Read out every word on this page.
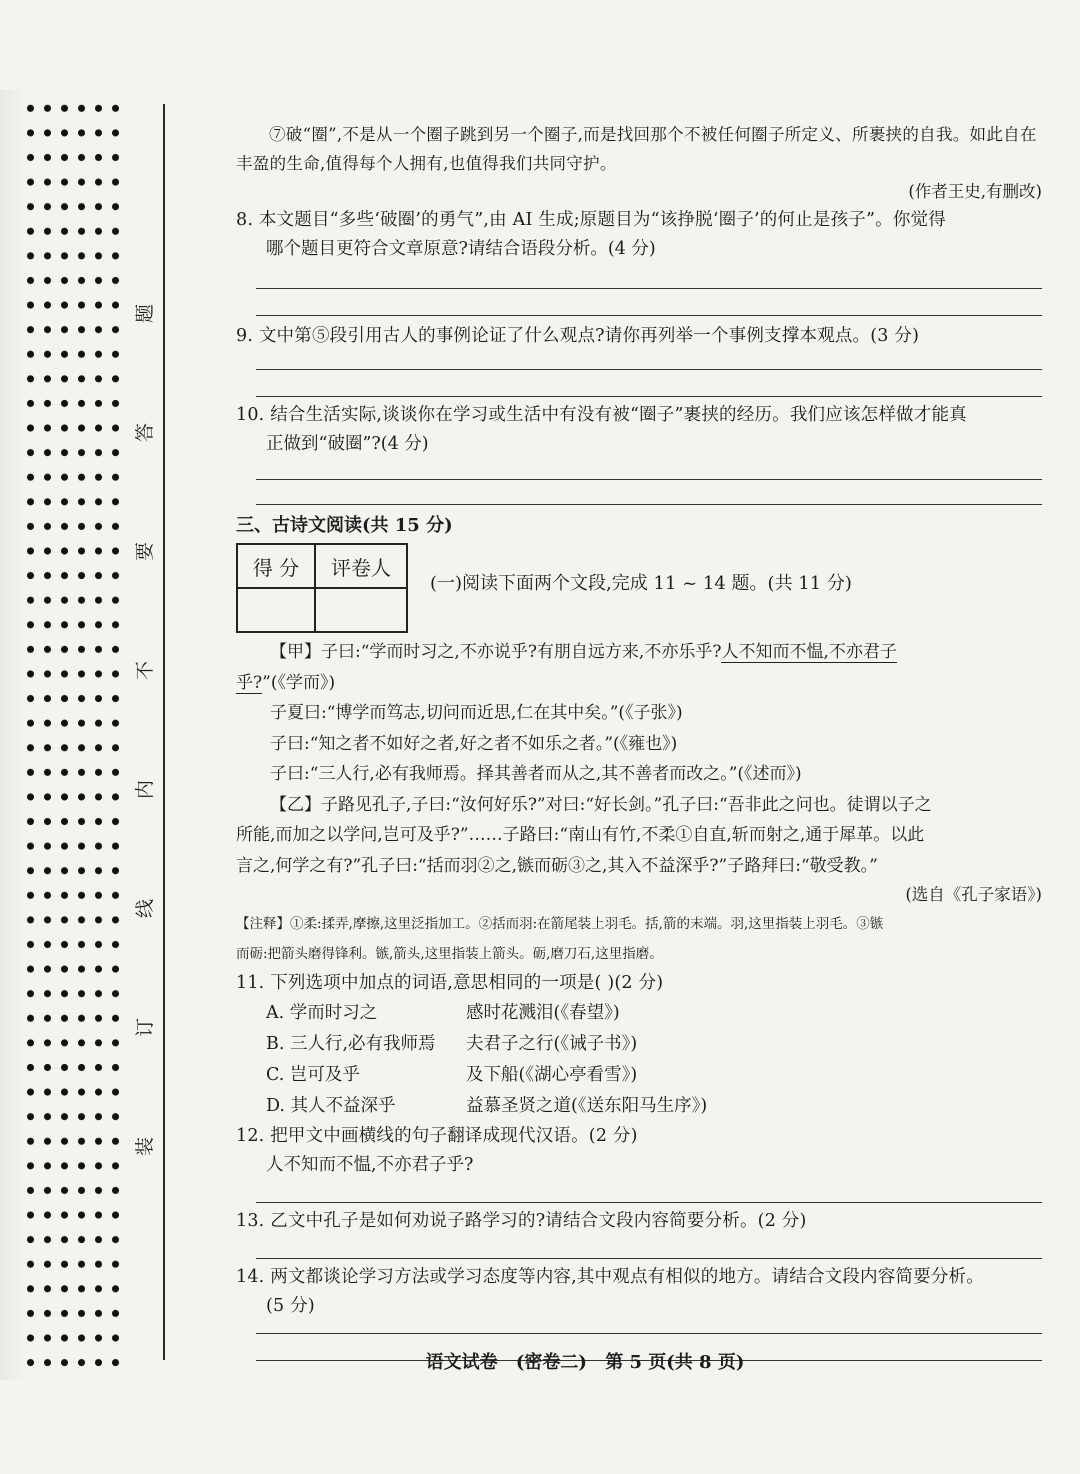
题
答
要
不
内
线
订
装

⑦破“圈”,不是从一个圈子跳到另一个圈子,而是找回那个不被任何圈子所定义、所裹挟的自我。如此自在丰盈的生命,值得每个人拥有,也值得我们共同守护。

(作者王史,有删改)

8. 本文题目“多些‘破圈’的勇气”,由 AI 生成;原题目为“该挣脱‘圈子’的何止是孩子”。你觉得

哪个题目更符合文章原意?请结合语段分析。(4 分)

9. 文中第⑤段引用古人的事例论证了什么观点?请你再列举一个事例支撑本观点。(3 分)

10. 结合生活实际,谈谈你在学习或生活中有没有被“圈子”裹挟的经历。我们应该怎样做才能真

正做到“破圈”?(4 分)

三、古诗文阅读(共 15 分)

得 分	评卷人

(一)阅读下面两个文段,完成 11 ~ 14 题。(共 11 分)

【甲】子曰:“学而时习之,不亦说乎?有朋自远方来,不亦乐乎?人不知而不愠,不亦君子

乎?”(《学而》)

子夏曰:“博学而笃志,切问而近思,仁在其中矣。”(《子张》)

子曰:“知之者不如好之者,好之者不如乐之者。”(《雍也》)

子曰:“三人行,必有我师焉。择其善者而从之,其不善者而改之。”(《述而》)

【乙】子路见孔子,子曰:“汝何好乐?”对曰:“好长剑。”孔子曰:“吾非此之问也。徒谓以子之

所能,而加之以学问,岂可及乎?”……子路曰:“南山有竹,不柔①自直,斩而射之,通于犀革。以此

言之,何学之有?”孔子曰:“括而羽②之,镞而砺③之,其入不益深乎?”子路拜曰:“敬受教。”

(选自《孔子家语》)

【注释】①柔:揉弄,摩擦,这里泛指加工。②括而羽:在箭尾装上羽毛。括,箭的末端。羽,这里指装上羽毛。③镞

而砺:把箭头磨得锋利。镞,箭头,这里指装上箭头。砺,磨刀石,这里指磨。

11. 下列选项中加点的词语,意思相同的一项是( )(2 分)

A. 学而时习之	感时花溅泪(《春望》)
B. 三人行,必有我师焉	夫君子之行(《诫子书》)
C. 岂可及乎	及下船(《湖心亭看雪》)
D. 其人不益深乎	益慕圣贤之道(《送东阳马生序》)

12. 把甲文中画横线的句子翻译成现代汉语。(2 分)

人不知而不愠,不亦君子乎?

13. 乙文中孔子是如何劝说子路学习的?请结合文段内容简要分析。(2 分)

14. 两文都谈论学习方法或学习态度等内容,其中观点有相似的地方。请结合文段内容简要分析。

(5 分)

语文试卷 (密卷二) 第 5 页(共 8 页)
